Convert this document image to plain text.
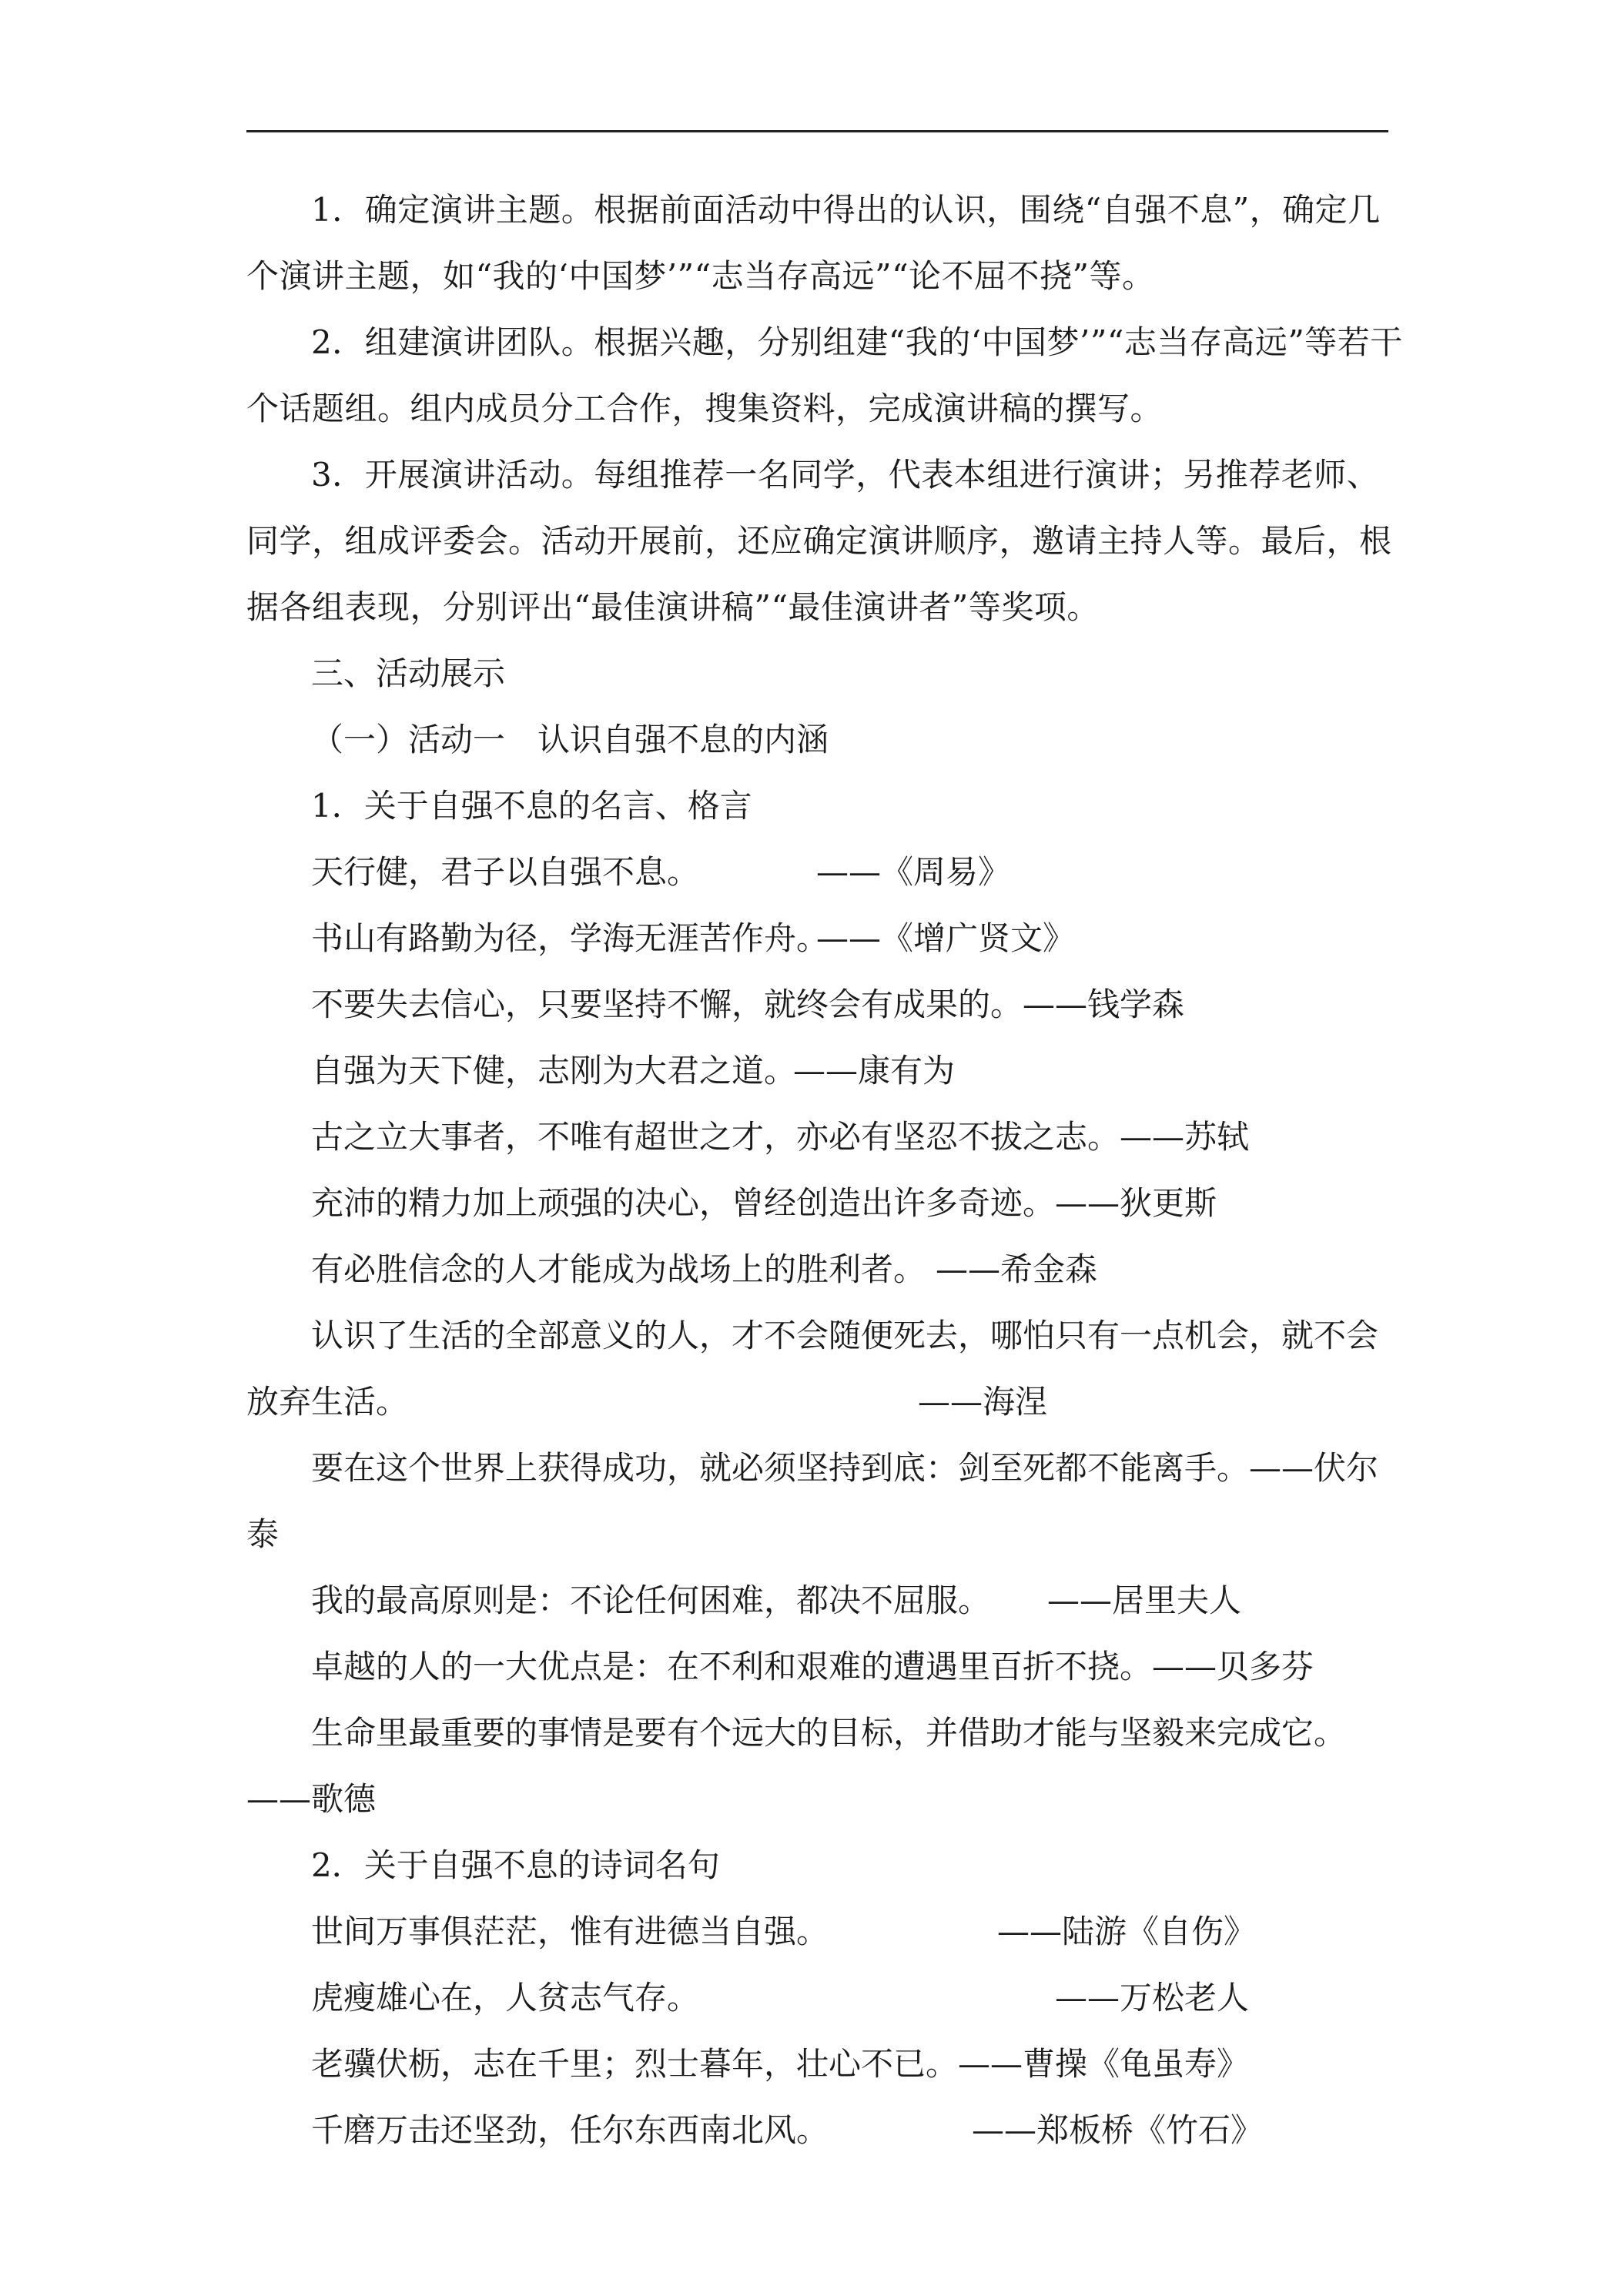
1．确定演讲主题。根据前面活动中得出的认识，围绕“自强不息”，确定几
个演讲主题，如“我的‘中国梦’”“志当存高远”“论不屈不挠”等。
2．组建演讲团队。根据兴趣，分别组建“我的‘中国梦’”“志当存高远”等若干
个话题组。组内成员分工合作，搜集资料，完成演讲稿的撰写。
3．开展演讲活动。每组推荐一名同学，代表本组进行演讲；另推荐老师、
同学，组成评委会。活动开展前，还应确定演讲顺序，邀请主持人等。最后，根
据各组表现，分别评出“最佳演讲稿”“最佳演讲者”等奖项。
三、活动展示
（一）活动一　认识自强不息的内涵
1．关于自强不息的名言、格言
天行健，君子以自强不息。	——《周易》
书山有路勤为径，学海无涯苦作舟。
——《增广贤文》
不要失去信心，只要坚持不懈，就终会有成果的。——钱学森
自强为天下健，志刚为大君之道。
——康有为
古之立大事者，不唯有超世之才，亦必有坚忍不拔之志。——苏轼
充沛的精力加上顽强的决心，曾经创造出许多奇迹。——狄更斯
有必胜信念的人才能成为战场上的胜利者。 ——希金森
认识了生活的全部意义的人，才不会随便死去，哪怕只有一点机会，就不会
放弃生活。	——海涅
要在这个世界上获得成功，就必须坚持到底：剑至死都不能离手。——伏尔
泰
我的最高原则是：不论任何困难，都决不屈服。 ——居里夫人
卓越的人的一大优点是：在不利和艰难的遭遇里百折不挠。——贝多芬
生命里最重要的事情是要有个远大的目标，并借助才能与坚毅来完成它。
——歌德
2．关于自强不息的诗词名句
世间万事俱茫茫，惟有进德当自强。	——陆游《自伤》
虎瘦雄心在，人贫志气存。	——万松老人
老骥伏枥，志在千里；烈士暮年，壮心不已。——曹操《龟虽寿》
千磨万击还坚劲，任尔东西南北风。	——郑板桥《竹石》
